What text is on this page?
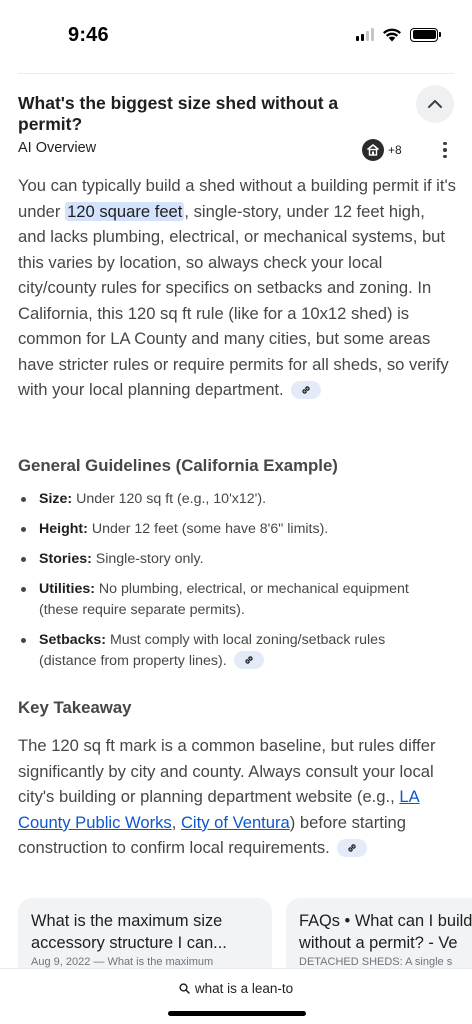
9:46
What's the biggest size shed without a permit?
AI Overview	+8
You can typically build a shed without a building permit if it's under 120 square feet , single-story, under 12 feet high, and lacks plumbing, electrical, or mechanical systems, but this varies by location, so always check your local city/county rules for specifics on setbacks and zoning. In California, this 120 sq ft rule (like for a 10x12 shed) is common for LA County and many cities, but some areas have stricter rules or require permits for all sheds, so verify with your local planning department.
General Guidelines (California Example)
Size: Under 120 sq ft (e.g., 10'x12').
Height: Under 12 feet (some have 8'6" limits).
Stories: Single-story only.
Utilities: No plumbing, electrical, or mechanical equipment (these require separate permits).
Setbacks: Must comply with local zoning/setback rules (distance from property lines).
Key Takeaway
The 120 sq ft mark is a common baseline, but rules differ significantly by city and county. Always consult your local city's building or planning department website (e.g., LA County Public Works, City of Ventura) before starting construction to confirm local requirements.
What is the maximum size
accessory structure I can...
Aug 9, 2022 — What is the maximum
FAQs • What can I build
without a permit? - Ve
DETACHED SHEDS: A single s
what is a lean-to
